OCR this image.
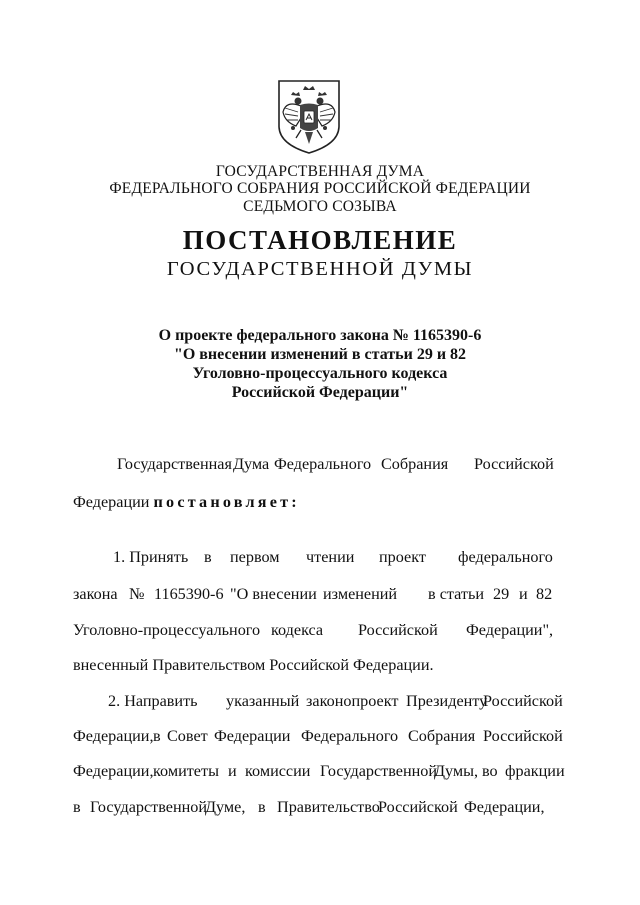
ГОСУДАРСТВЕННАЯ ДУМА
ФЕДЕРАЛЬНОГО СОБРАНИЯ РОССИЙСКОЙ ФЕДЕРАЦИИ
СЕДЬМОГО СОЗЫВА
ПОСТАНОВЛЕНИЕ
ГОСУДАРСТВЕННОЙ ДУМЫ
О проекте федерального закона № 1165390-6
"О внесении изменений в статьи 29 и 82
Уголовно-процессуального кодекса
Российской Федерации"
Государственная Дума Федерального Собрания Российской
Федерации постановляет:
1. Принять в первом чтении проект федерального
закона № 1165390-6 "О внесении изменений в статьи 29 и 82
Уголовно-процессуального кодекса Российской Федерации",
внесенный Правительством Российской Федерации.
2. Направить указанный законопроект Президенту
Российской
Федерации, в Совет Федерации Федерального Собрания Российской
Федерации, комитеты и комиссии Государственной
Думы, во фракции
в Государственной
Думе, в Правительство
Российской Федерации,
